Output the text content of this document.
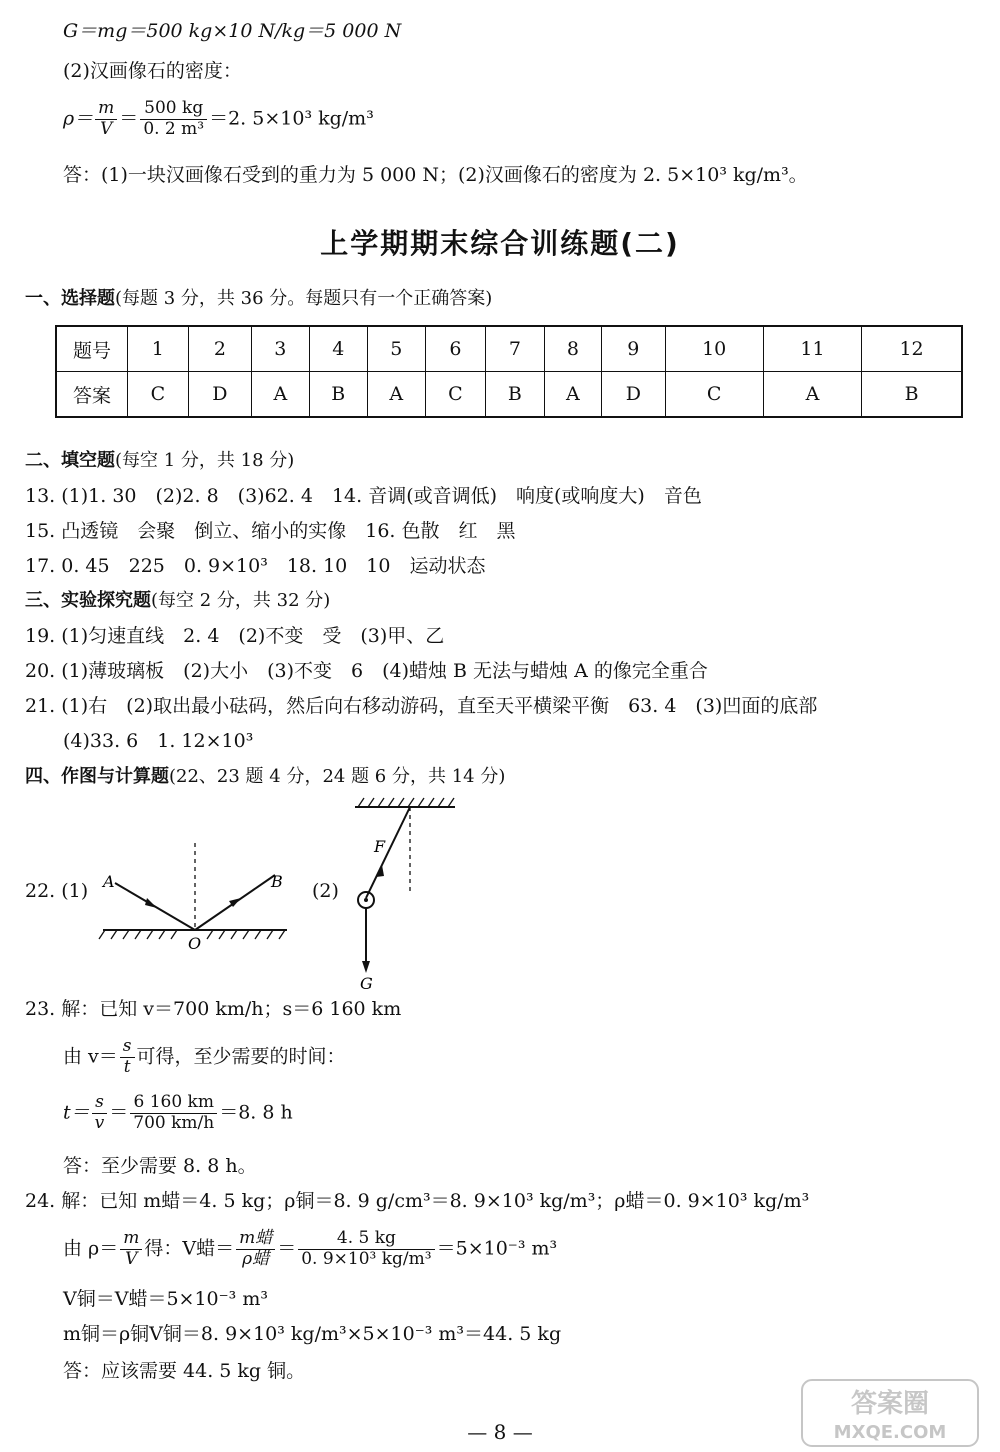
G＝mg＝500 kg×10 N/kg＝5 000 N
(2)汉画像石的密度：
$\rho= \frac{m}{V} = \frac{500 kg}{\text{0. 2 m³}} =2$. 5×10³ kg/m³
答：(1)一块汉画像石受到的重力为 5 000 N；(2)汉画像石的密度为 2. 5×10³ kg/m³。
上学期期末综合训练题(二)
一、选择题(每题 3 分，共 36 分。每题只有一个正确答案)
题号	1	2	3	4	5	6	7	8	9	10	11	12
答案	C	D	A	B	A	C	B	A	D	C	A	B
二、填空题(每空 1 分，共 18 分)
13. (1)1. 30　(2)2. 8　(3)62. 4　14. 音调(或音调低)　响度(或响度大)　音色
15. 凸透镜　会聚　倒立、缩小的实像　16. 色散　红　黑
17. 0. 45　225　0. 9×10³　18. 10　10　运动状态
三、实验探究题(每空 2 分，共 32 分)
19. (1)匀速直线　2. 4　(2)不变　受　(3)甲、乙
20. (1)薄玻璃板　(2)大小　(3)不变　6　(4)蜡烛 B 无法与蜡烛 A 的像完全重合
21. (1)右　(2)取出最小砝码，然后向右移动游码，直至天平横梁平衡　63. 4　(3)凹面的底部
(4)33. 6　1. 12×10³
四、作图与计算题(22、23 题 4 分，24 题 6 分，共 14 分)
22. (1)	(2)
A	B
O
F
G
23. 解：已知 v＝700 km/h；s＝6 160 km
由 $v= \frac{s}{t}$ 可得，至少需要的时间：
$t= \frac{s}{v} = \frac{6 160 km}{700 km/h} =8$. 8 h
答：至少需要 8. 8 h。
24. 解：已知 m蜡＝4. 5 kg；ρ铜＝8. 9 g/cm³＝8. 9×10³ kg/m³；ρ蜡＝0. 9×10³ kg/m³
由 $\rho= \frac{m}{V}$ 得：V蜡＝ $\frac{\text{m蜡}}{\text{ρ蜡}} = \frac{4. 5 kg}{\text{0. 9×10³ kg/m³}} =5\times 10^{-3}$ m³
V铜＝V蜡＝5×10⁻³ m³
m铜＝ρ铜V铜＝8. 9×10³ kg/m³×5×10⁻³ m³＝44. 5 kg
答：应该需要 44. 5 kg 铜。
— 8 —
答案圈
MXQE.COM
